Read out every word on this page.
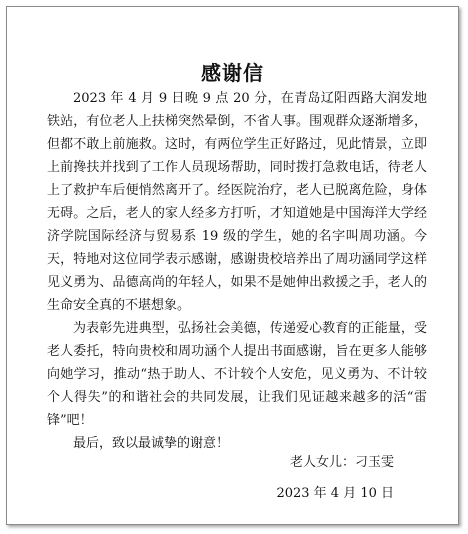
感谢信

2023 年 4 月 9 日晚 9 点 20 分，在青岛辽阳西路大润发地铁站，有位老人上扶梯突然晕倒，不省人事。围观群众逐渐增多，但都不敢上前施救。这时，有两位学生正好路过，见此情景，立即上前搀扶并找到了工作人员现场帮助，同时拨打急救电话，待老人上了救护车后便悄然离开了。经医院治疗，老人已脱离危险，身体无碍。之后，老人的家人经多方打听，才知道她是中国海洋大学经济学院国际经济与贸易系 19 级的学生，她的名字叫周功涵。今天，特地对这位同学表示感谢，感谢贵校培养出了周功涵同学这样见义勇为、品德高尚的年轻人，如果不是她伸出救援之手，老人的生命安全真的不堪想象。

为表彰先进典型，弘扬社会美德，传递爱心教育的正能量，受老人委托，特向贵校和周功涵个人提出书面感谢，旨在更多人能够向她学习，推动“热于助人、不计较个人安危，见义勇为、不计较个人得失”的和谐社会的共同发展，让我们见证越来越多的活“雷锋”吧！

最后，致以最诚挚的谢意！

老人女儿：刁玉雯
2023 年 4 月 10 日
